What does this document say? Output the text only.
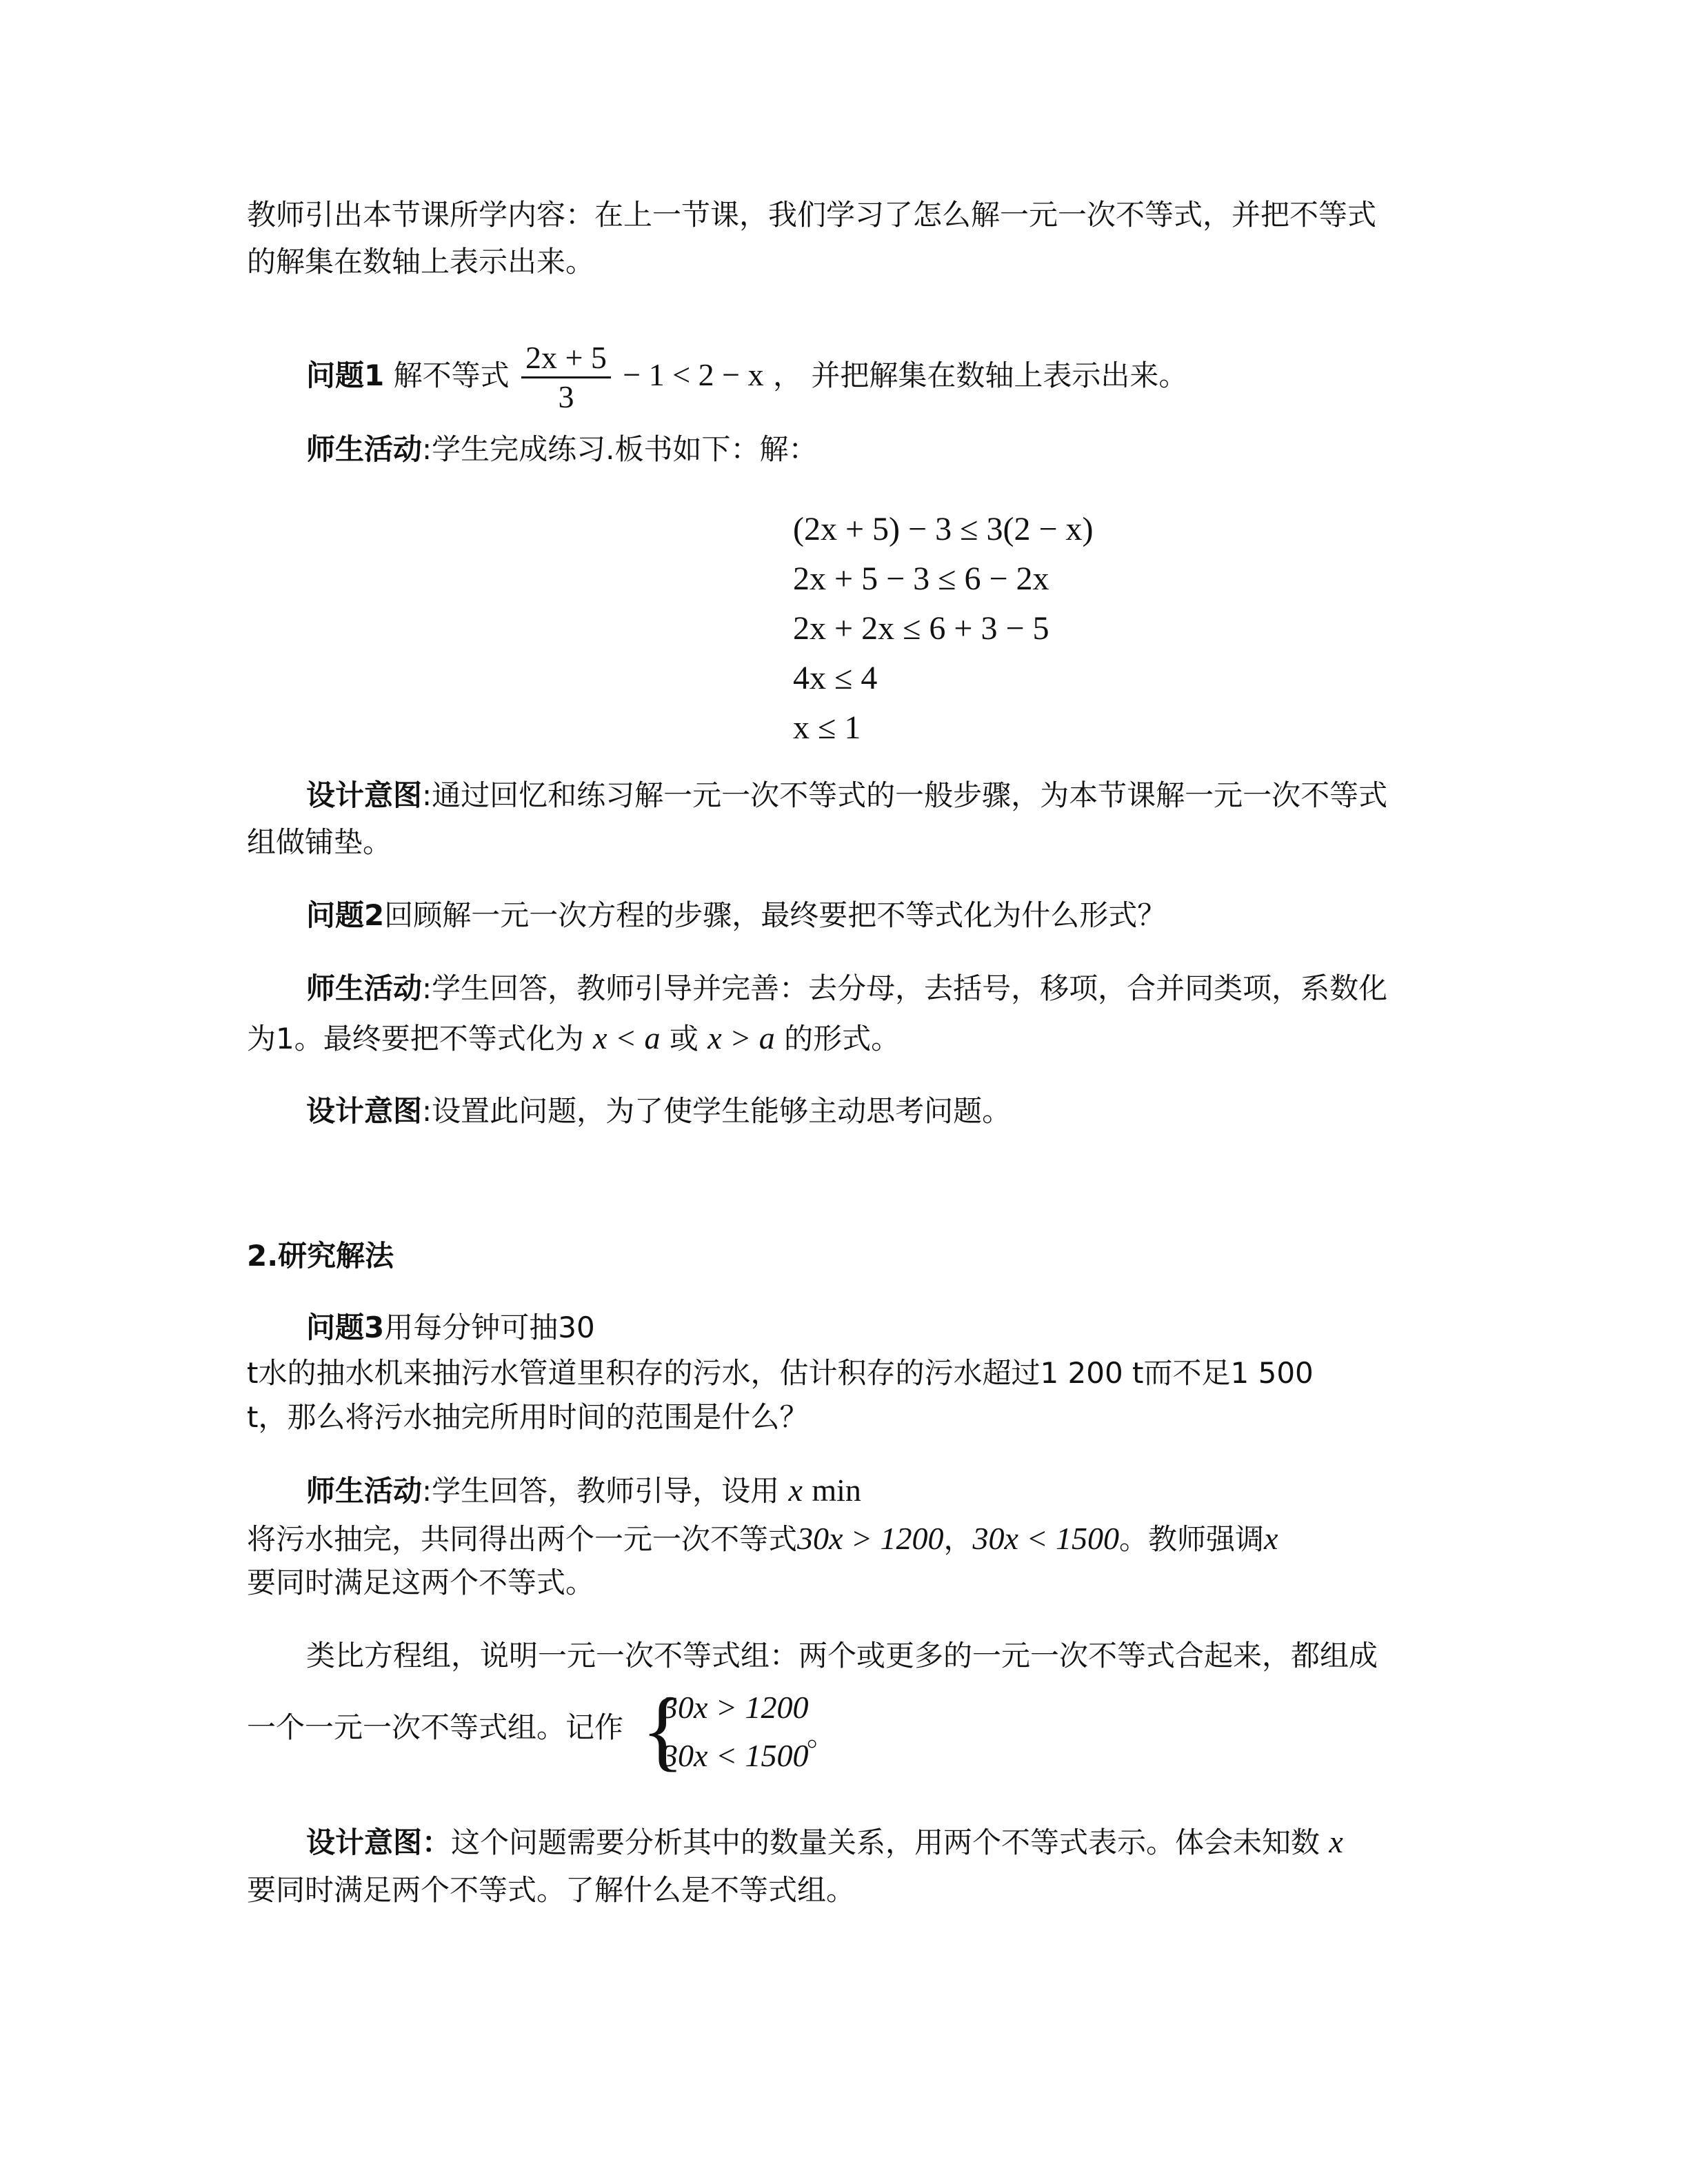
教师引出本节课所学内容：在上一节课，我们学习了怎么解一元一次不等式，并把不等式
的解集在数轴上表示出来。
问题1 解不等式 $\frac{2x + 5}{3} - 1 < 2 - x$ ， 并把解集在数轴上表示出来。
师生活动:学生完成练习.板书如下：解：
(2x + 5) − 3 ≤ 3(2 − x)
2x + 5 − 3 ≤ 6 − 2x
2x + 2x ≤ 6 + 3 − 5
4x ≤ 4
x ≤ 1
设计意图:通过回忆和练习解一元一次不等式的一般步骤，为本节课解一元一次不等式
组做铺垫。
问题2回顾解一元一次方程的步骤，最终要把不等式化为什么形式？
师生活动:学生回答，教师引导并完善：去分母，去括号，移项，合并同类项，系数化
为1。最终要把不等式化为 x < a 或 x > a 的形式。
设计意图:设置此问题，为了使学生能够主动思考问题。
2.研究解法
问题3用每分钟可抽30
t水的抽水机来抽污水管道里积存的污水，估计积存的污水超过1 200 t而不足1 500
t，那么将污水抽完所用时间的范围是什么？
师生活动:学生回答，教师引导，设用 x min
将污水抽完，共同得出两个一元一次不等式30x > 1200，30x < 1500。教师强调x
要同时满足这两个不等式。
类比方程组，说明一元一次不等式组：两个或更多的一元一次不等式合起来，都组成
一个一元一次不等式组。记作 {
30x > 1200
30x < 1500
。
设计意图：这个问题需要分析其中的数量关系，用两个不等式表示。体会未知数 x
要同时满足两个不等式。了解什么是不等式组。
